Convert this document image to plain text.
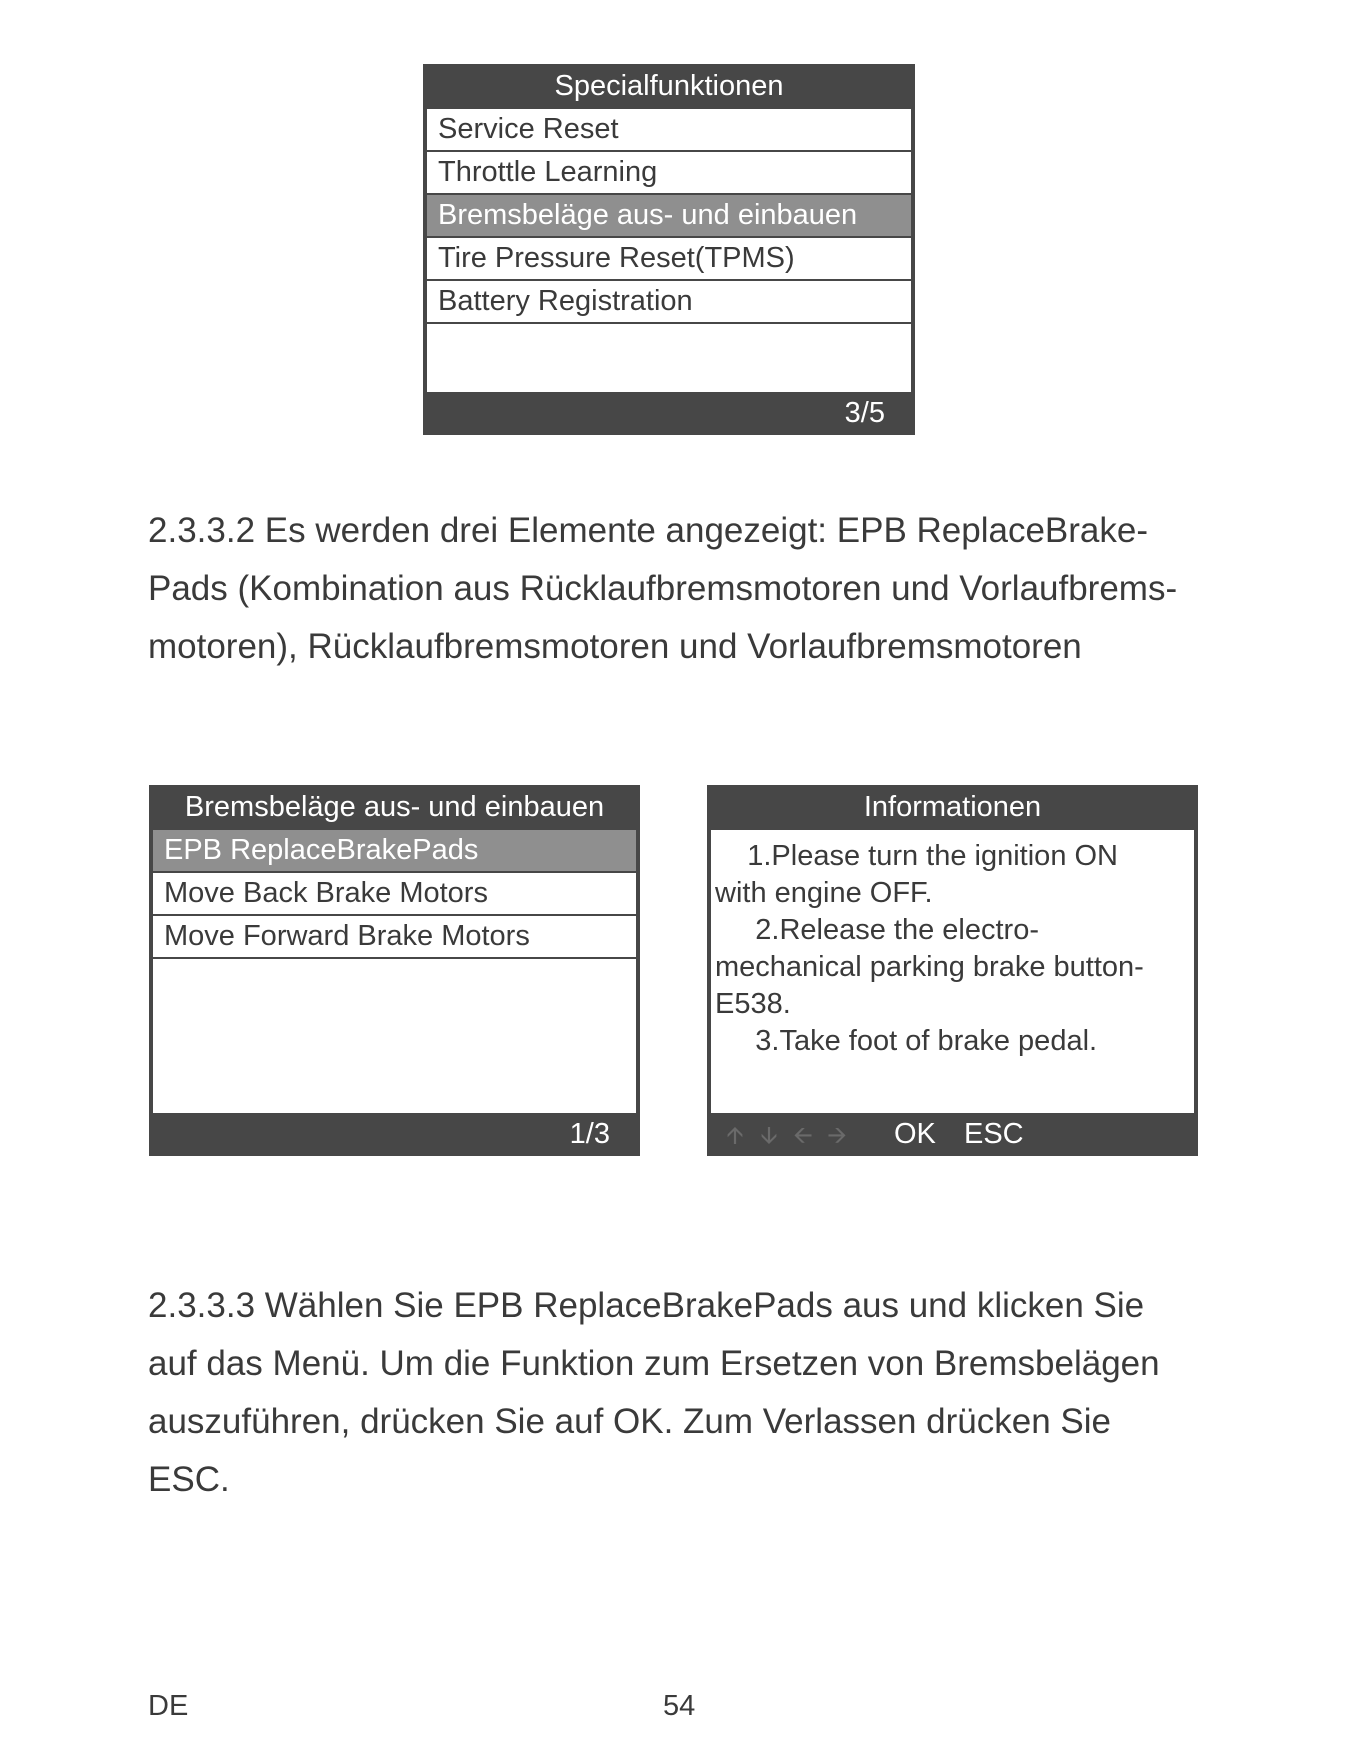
Specialfunktionen
Service Reset
Throttle Learning
Bremsbeläge aus- und einbauen
Tire Pressure Reset(TPMS)
Battery Registration
3/5

2.3.3.2 Es werden drei Elemente angezeigt: EPB ReplaceBrake-
Pads (Kombination aus Rücklaufbremsmotoren und Vorlaufbrems-
motoren), Rücklaufbremsmotoren und Vorlaufbremsmotoren

Bremsbeläge aus- und einbauen
EPB ReplaceBrakePads
Move Back Brake Motors
Move Forward Brake Motors
1/3
Informationen
1.Please turn the ignition ON
with engine OFF.
2.Release the electro-
mechanical parking brake button-
E538.
3.Take foot of brake pedal.
🡩 🡫 🡨 🡪 OK ESC

2.3.3.3 Wählen Sie EPB ReplaceBrakePads aus und klicken Sie
auf das Menü. Um die Funktion zum Ersetzen von Bremsbelägen
auszuführen, drücken Sie auf OK. Zum Verlassen drücken Sie
ESC.

DE	54
